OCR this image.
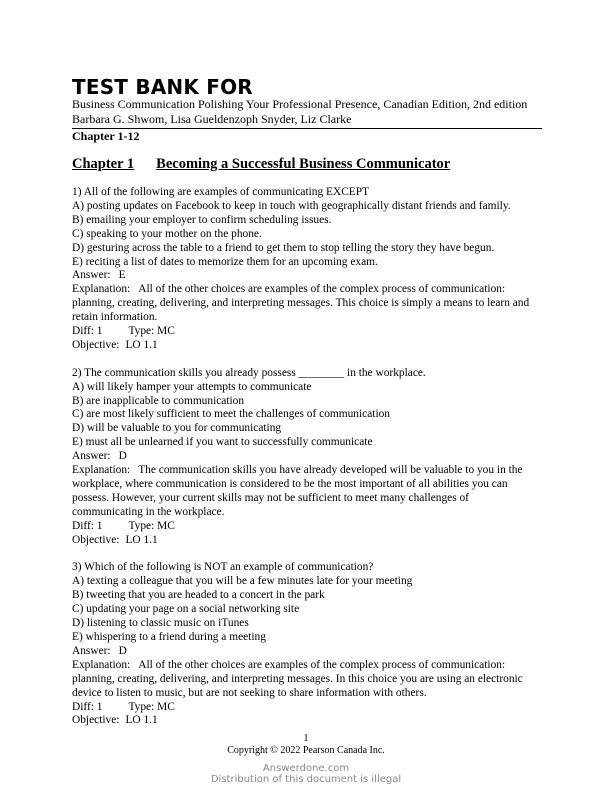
TEST BANK FOR
Business Communication Polishing Your Professional Presence, Canadian Edition, 2nd edition
Barbara G. Shwom, Lisa Gueldenzoph Snyder, Liz Clarke
Chapter 1-12
Chapter 1 Becoming a Successful Business Communicator
1) All of the following are examples of communicating EXCEPT
A) posting updates on Facebook to keep in touch with geographically distant friends and family.
B) emailing your employer to confirm scheduling issues.
C) speaking to your mother on the phone.
D) gesturing across the table to a friend to get them to stop telling the story they have begun.
E) reciting a list of dates to memorize them for an upcoming exam.
Answer: E
Explanation: All of the other choices are examples of the complex process of communication: planning, creating, delivering, and interpreting messages. This choice is simply a means to learn and retain information.
Diff: 1 Type: MC
Objective: LO 1.1
2) The communication skills you already possess ________ in the workplace.
A) will likely hamper your attempts to communicate
B) are inapplicable to communication
C) are most likely sufficient to meet the challenges of communication
D) will be valuable to you for communicating
E) must all be unlearned if you want to successfully communicate
Answer: D
Explanation: The communication skills you have already developed will be valuable to you in the workplace, where communication is considered to be the most important of all abilities you can possess. However, your current skills may not be sufficient to meet many challenges of communicating in the workplace.
Diff: 1 Type: MC
Objective: LO 1.1
3) Which of the following is NOT an example of communication?
A) texting a colleague that you will be a few minutes late for your meeting
B) tweeting that you are headed to a concert in the park
C) updating your page on a social networking site
D) listening to classic music on iTunes
E) whispering to a friend during a meeting
Answer: D
Explanation: All of the other choices are examples of the complex process of communication: planning, creating, delivering, and interpreting messages. In this choice you are using an electronic device to listen to music, but are not seeking to share information with others.
Diff: 1 Type: MC
Objective: LO 1.1
1
Copyright © 2022 Pearson Canada Inc.
Answerdone.com
Distribution of this document is illegal
